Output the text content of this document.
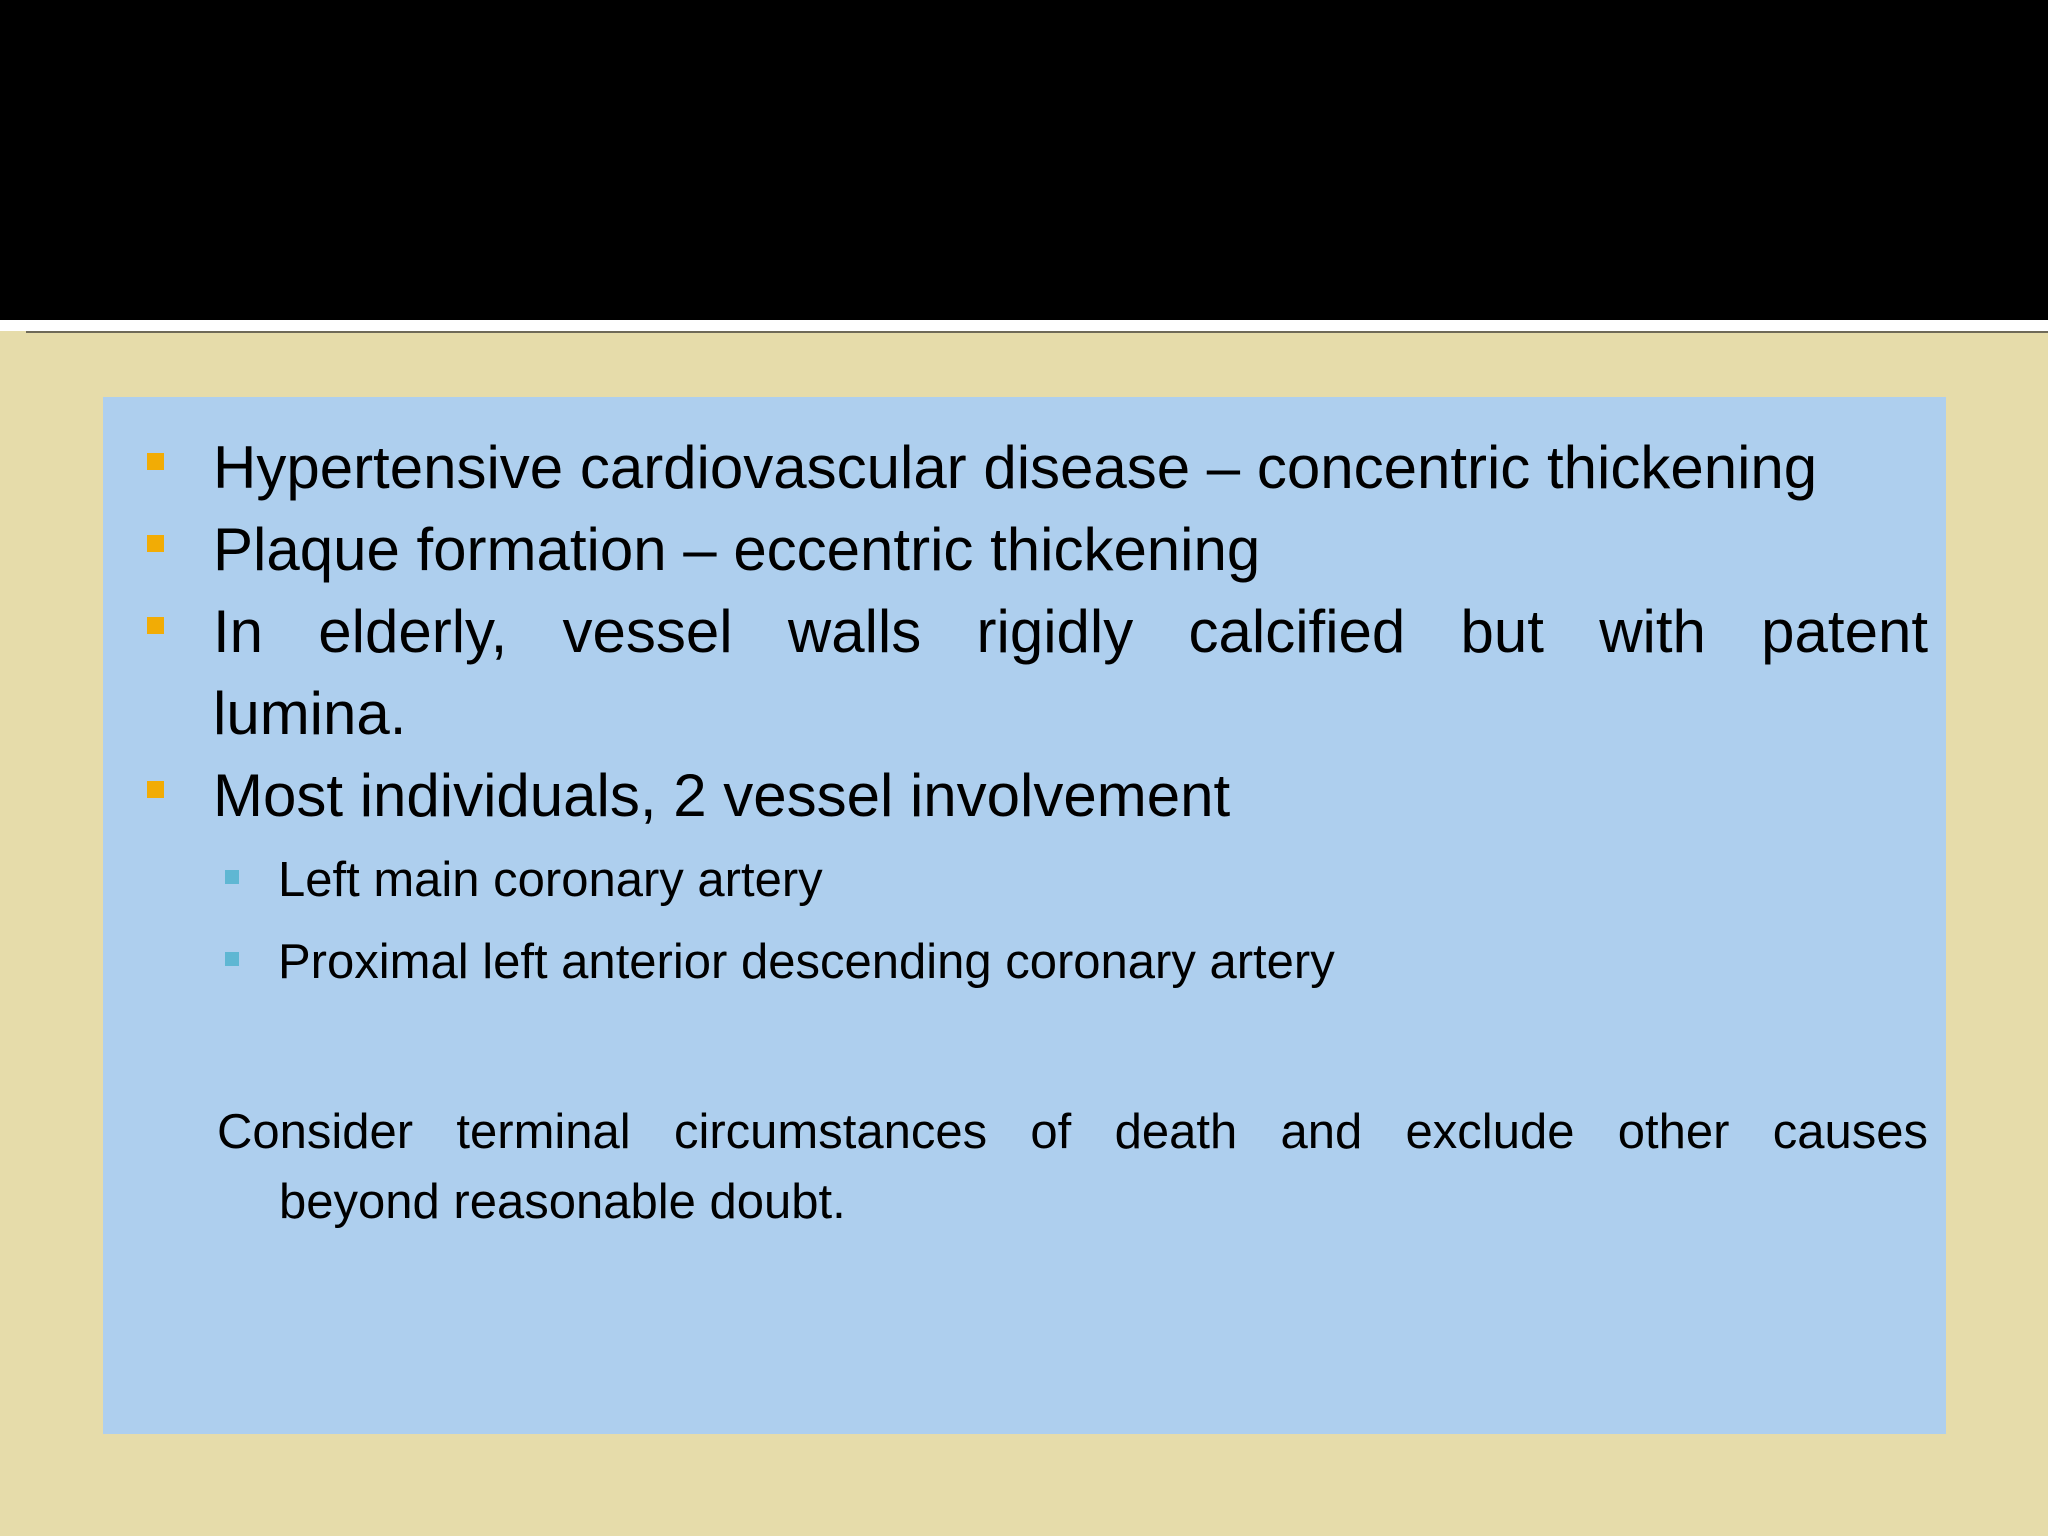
Hypertensive cardiovascular disease – concentric thickening
Plaque formation – eccentric thickening
In elderly, vessel walls rigidly calcified but with patent
lumina.
Most individuals, 2 vessel involvement
Left main coronary artery
Proximal left anterior descending coronary artery
Consider terminal circumstances of death and exclude other causes
beyond reasonable doubt.
